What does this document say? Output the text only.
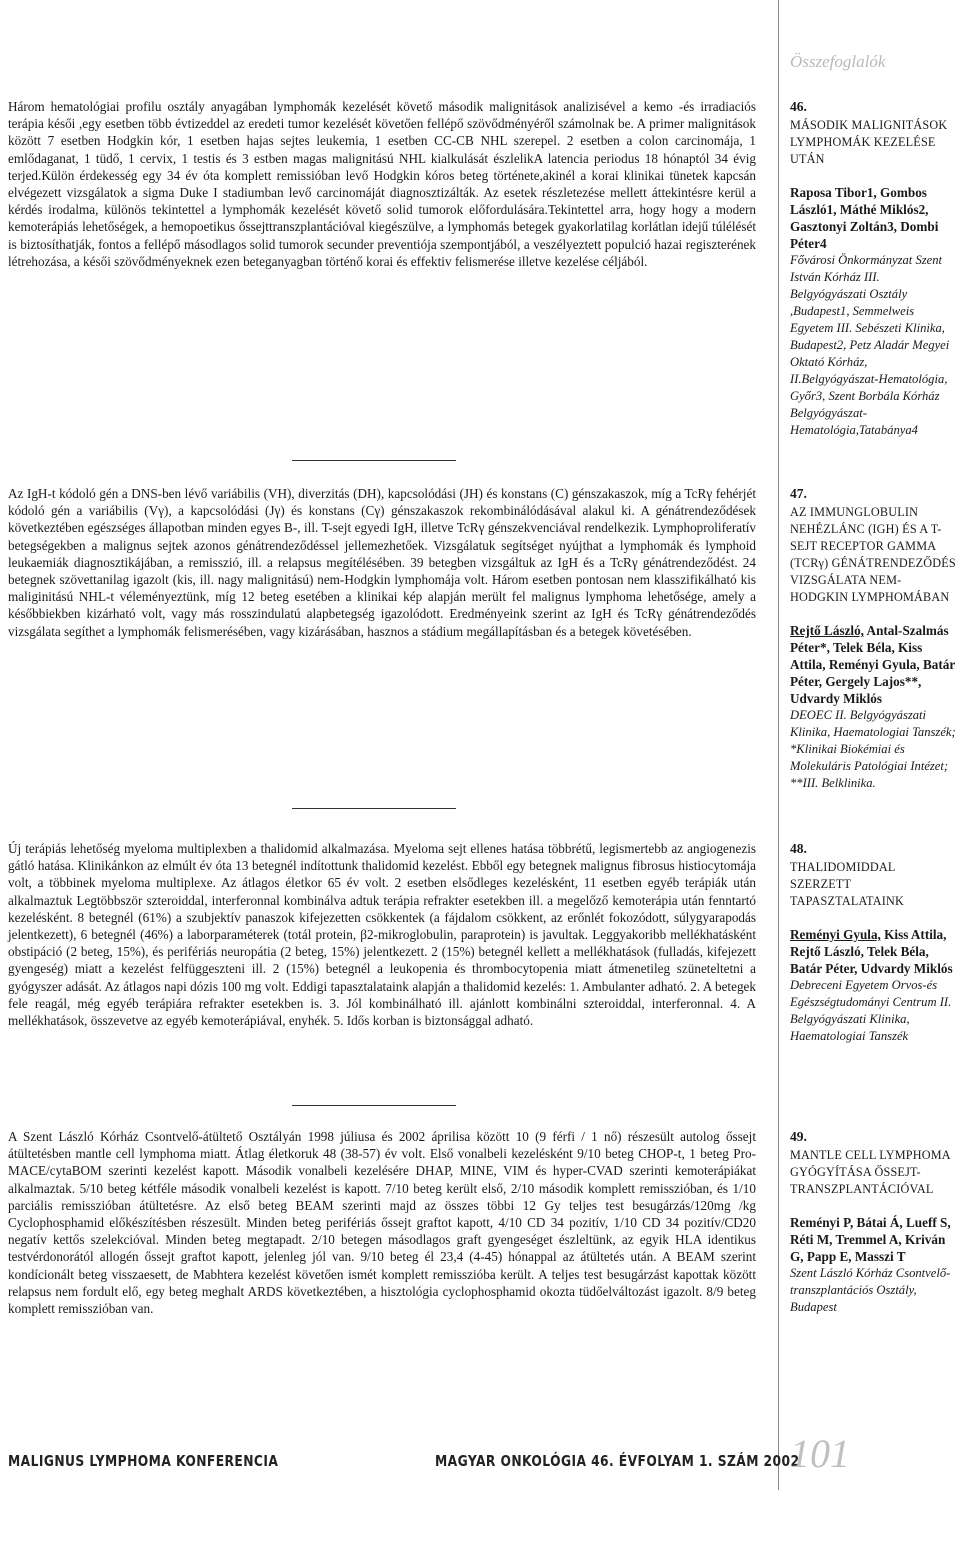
Összefoglalók

Három hematológiai profilu osztály anyagában lymphomák kezelését követő második malignitások analizisével a kemo -és irradiaciós terápia késői ,egy esetben több évtizeddel az eredeti tumor kezelését követően fellépő szövődményéről számolnak be. A primer malignitások között 7 esetben Hodgkin kór, 1 esetben hajas sejtes leukemia, 1 esetben CC-CB NHL szerepel. 2 esetben a colon carcinomája, 1 emlődaganat, 1 tüdő, 1 cervix, 1 testis és 3 estben magas malignitású NHL kialkulását észlelikA latencia periodus 18 hónaptól 34 évig terjed.Külön érdekesség egy 34 év óta komplett remissióban levő Hodgkin kóros beteg története,akinél a korai klinikai tünetek kapcsán elvégezett vizsgálatok a sigma Duke I stadiumban levő carcinomáját diagnosztizálták. Az esetek részletezése mellett áttekintésre kerül a kérdés irodalma, különös tekintettel a lymphomák kezelését követő solid tumorok előfordulására.Tekintettel arra, hogy hogy a modern kemoterápiás lehetőségek, a hemopoetikus őssejttranszplantációval kiegészülve, a lymphomás betegek gyakorlatilag korlátlan idejű túlélését is biztosíthatják, fontos a fellépő másodlagos solid tumorok secunder preventiója szempontjából, a veszélyeztett populció hazai regiszterének létrehozása, a késői szövődményeknek ezen beteganyagban történő korai és effektiv felismerése illetve kezelése céljából.

46.
MÁSODIK MALIGNITÁSOK LYMPHOMÁK KEZELÉSE UTÁN
Raposa Tibor1, Gombos László1, Máthé Miklós2, Gasztonyi Zoltán3, Dombi Péter4
Fővárosi Önkormányzat Szent István Kórház III. Belgyógyászati Osztály ,Budapest1, Semmelweis Egyetem III. Sebészeti Klinika, Budapest2, Petz Aladár Megyei Oktató Kórház, II.Belgyógyászat-Hematológia, Győr3, Szent Borbála Kórház Belgyógyászat-Hematológia,Tatabánya4

Az IgH-t kódoló gén a DNS-ben lévő variábilis (VH), diverzitás (DH), kapcsolódási (JH) és konstans (C) génszakaszok, míg a TcRγ fehérjét kódoló gén a variábilis (Vγ), a kapcsolódási (Jγ) és konstans (Cγ) génszakaszok rekombinálódásával alakul ki. A génátrendeződések következtében egészséges állapotban minden egyes B-, ill. T-sejt egyedi IgH, illetve TcRγ génszekvenciával rendelkezik. Lymphoproliferatív betegségekben a malignus sejtek azonos génátrendeződéssel jellemezhetőek. Vizsgálatuk segítséget nyújthat a lymphomák és lymphoid leukaemiák diagnosztikájában, a remisszió, ill. a relapsus megítélésében. 39 betegben vizsgáltuk az IgH és a TcRγ génátrendeződést. 24 betegnek szövettanilag igazolt (kis, ill. nagy malignitású) nem-Hodgkin lymphomája volt. Három esetben pontosan nem klasszifikálható kis maliginitású NHL-t véleményeztünk, míg 12 beteg esetében a klinikai kép alapján merült fel malignus lymphoma lehetősége, amely a későbbiekben kizárható volt, vagy más rosszindulatú alapbetegség igazolódott. Eredményeink szerint az IgH és TcRγ génátrendeződés vizsgálata segíthet a lymphomák felismerésében, vagy kizárásában, hasznos a stádium megállapításban és a betegek követésében.

47.
AZ IMMUNGLOBULIN NEHÉZLÁNC (IGH) ÉS A T-SEJT RECEPTOR GAMMA (TCRγ) GÉNÁTRENDEZŐDÉS VIZSGÁLATA NEM-HODGKIN LYMPHOMÁBAN
Rejtő László, Antal-Szalmás Péter*, Telek Béla, Kiss Attila, Reményi Gyula, Batár Péter, Gergely Lajos**, Udvardy Miklós
DEOEC II. Belgyógyászati Klinika, Haematologiai Tanszék; *Klinikai Biokémiai és Molekuláris Patológiai Intézet; **III. Belklinika.

Új terápiás lehetőség myeloma multiplexben a thalidomid alkalmazása. Myeloma sejt ellenes hatása többrétű, legismertebb az angiogenezis gátló hatása. Klinikánkon az elmúlt év óta 13 betegnél indítottunk thalidomid kezelést. Ebből egy betegnek malignus fibrosus histiocytomája volt, a többinek myeloma multiplexe. Az átlagos életkor 65 év volt. 2 esetben elsődleges kezelésként, 11 esetben egyéb terápiák után alkalmaztuk Legtöbbször szteroiddal, interferonnal kombinálva adtuk terápia refrakter esetekben ill. a megelőző kemoterápia után fenntartó kezelésként. 8 betegnél (61%) a szubjektív panaszok kifejezetten csökkentek (a fájdalom csökkent, az erőnlét fokozódott, súlygyarapodás jelentkezett), 6 betegnél (46%) a laborparaméterek (totál protein, β2-mikroglobulin, paraprotein) is javultak. Leggyakoribb mellékhatásként obstipáció (2 beteg, 15%), és perifériás neuropátia (2 beteg, 15%) jelentkezett. 2 (15%) betegnél kellett a mellékhatások (fulladás, kifejezett gyengeség) miatt a kezelést felfüggeszteni ill. 2 (15%) betegnél a leukopenia és thrombocytopenia miatt átmenetileg szüneteltetni a gyógyszer adását. Az átlagos napi dózis 100 mg volt. Eddigi tapasztalataink alapján a thalidomid kezelés: 1. Ambulanter adható. 2. A betegek fele reagál, még egyéb terápiára refrakter esetekben is. 3. Jól kombinálható ill. ajánlott kombinálni szteroiddal, interferonnal. 4. A mellékhatások, összevetve az egyéb kemoterápiával, enyhék. 5. Idős korban is biztonsággal adható.

48.
THALIDOMIDDAL SZERZETT TAPASZTALATAINK
Reményi Gyula, Kiss Attila, Rejtő László, Telek Béla, Batár Péter, Udvardy Miklós
Debreceni Egyetem Orvos-és Egészségtudományi Centrum II. Belgyógyászati Klinika, Haematologiai Tanszék

A Szent László Kórház Csontvelő-átültető Osztályán 1998 júliusa és 2002 áprilisa között 10 (9 férfi / 1 nő) részesült autolog őssejt átültetésben mantle cell lymphoma miatt. Átlag életkoruk 48 (38-57) év volt. Első vonalbeli kezelésként 9/10 beteg CHOP-t, 1 beteg Pro-MACE/cytaBOM szerinti kezelést kapott. Második vonalbeli kezelésére DHAP, MINE, VIM és hyper-CVAD szerinti kemoterápiákat alkalmaztak. 5/10 beteg kétféle második vonalbeli kezelést is kapott. 7/10 beteg került első, 2/10 második komplett remisszióban, és 1/10 parciális remisszióban átültetésre. Az első beteg BEAM szerinti majd az összes többi 12 Gy teljes test besugárzás/120mg /kg Cyclophosphamid előkészítésben részesült. Minden beteg perifériás őssejt graftot kapott, 4/10 CD 34 pozitív, 1/10 CD 34 pozitív/CD20 negatív kettős szelekcióval. Minden beteg megtapadt. 2/10 betegen másodlagos graft gyengeséget észleltünk, az egyik HLA identikus testvérdonorától allogén őssejt graftot kapott, jelenleg jól van. 9/10 beteg él 23,4 (4-45) hónappal az átültetés után. A BEAM szerint kondícionált beteg visszaesett, de Mabhtera kezelést követően ismét komplett remisszióba került. A teljes test besugárzást kapottak között relapsus nem fordult elő, egy beteg meghalt ARDS következtében, a hisztológia cyclophosphamid okozta tüdőelváltozást igazolt. 8/9 beteg komplett remisszióban van.

49.
MANTLE CELL LYMPHOMA GYÓGYÍTÁSA ŐSSEJT-TRANSZPLANTÁCIÓVAL
Reményi P, Bátai Á, Lueff S, Réti M, Tremmel A, Kriván G, Papp E, Masszi T
Szent László Kórház Csontvelő-transzplantációs Osztály, Budapest
MALIGNUS LYMPHOMA KONFERENCIA	MAGYAR ONKOLÓGIA 46. ÉVFOLYAM 1. SZÁM 2002
101
